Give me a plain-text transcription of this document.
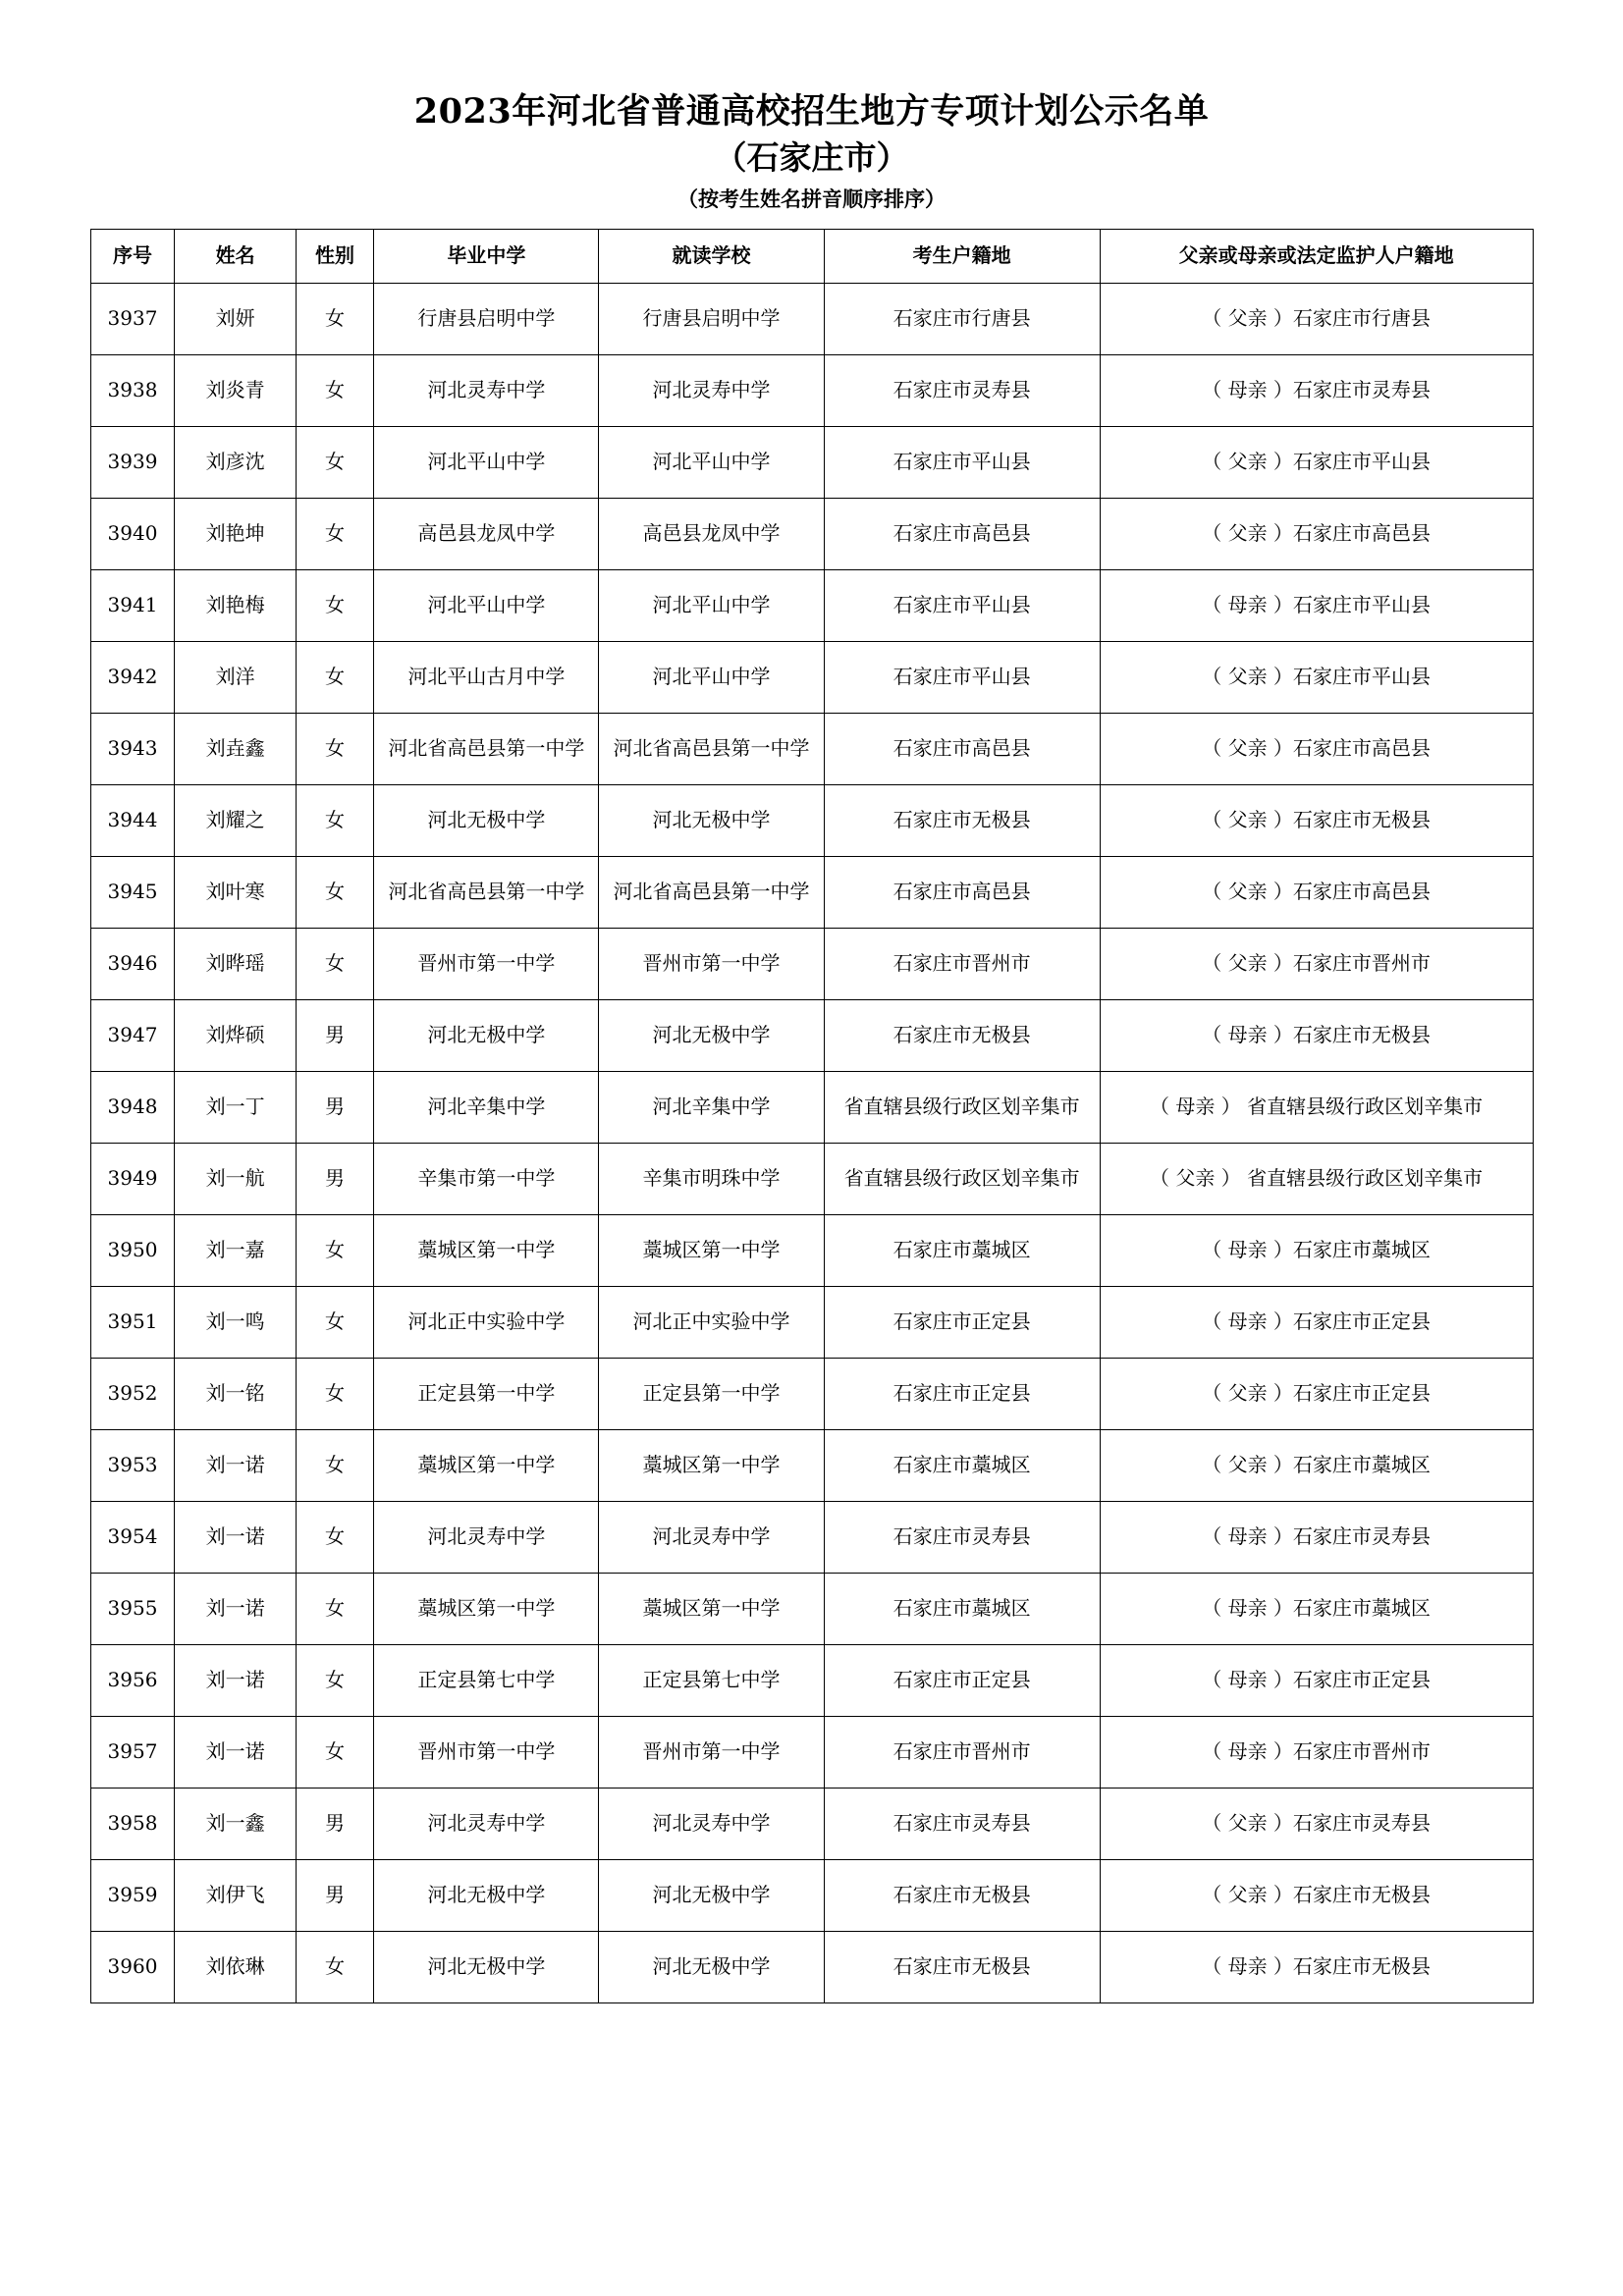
2023年河北省普通高校招生地方专项计划公示名单
（石家庄市）
（按考生姓名拼音顺序排序）
序号	姓名	性别	毕业中学	就读学校	考生户籍地	父亲或母亲或法定监护人户籍地
3937	刘妍	女	行唐县启明中学	行唐县启明中学	石家庄市行唐县	（ 父亲 ）石家庄市行唐县
3938	刘炎青	女	河北灵寿中学	河北灵寿中学	石家庄市灵寿县	（ 母亲 ）石家庄市灵寿县
3939	刘彦沈	女	河北平山中学	河北平山中学	石家庄市平山县	（ 父亲 ）石家庄市平山县
3940	刘艳坤	女	高邑县龙凤中学	高邑县龙凤中学	石家庄市高邑县	（ 父亲 ）石家庄市高邑县
3941	刘艳梅	女	河北平山中学	河北平山中学	石家庄市平山县	（ 母亲 ）石家庄市平山县
3942	刘洋	女	河北平山古月中学	河北平山中学	石家庄市平山县	（ 父亲 ）石家庄市平山县
3943	刘垚鑫	女	河北省高邑县第一中学	河北省高邑县第一中学	石家庄市高邑县	（ 父亲 ）石家庄市高邑县
3944	刘耀之	女	河北无极中学	河北无极中学	石家庄市无极县	（ 父亲 ）石家庄市无极县
3945	刘叶寒	女	河北省高邑县第一中学	河北省高邑县第一中学	石家庄市高邑县	（ 父亲 ）石家庄市高邑县
3946	刘晔瑶	女	晋州市第一中学	晋州市第一中学	石家庄市晋州市	（ 父亲 ）石家庄市晋州市
3947	刘烨硕	男	河北无极中学	河北无极中学	石家庄市无极县	（ 母亲 ）石家庄市无极县
3948	刘一丁	男	河北辛集中学	河北辛集中学	省直辖县级行政区划辛集市	（ 母亲 ） 省直辖县级行政区划辛集市
3949	刘一航	男	辛集市第一中学	辛集市明珠中学	省直辖县级行政区划辛集市	（ 父亲 ） 省直辖县级行政区划辛集市
3950	刘一嘉	女	藁城区第一中学	藁城区第一中学	石家庄市藁城区	（ 母亲 ）石家庄市藁城区
3951	刘一鸣	女	河北正中实验中学	河北正中实验中学	石家庄市正定县	（ 母亲 ）石家庄市正定县
3952	刘一铭	女	正定县第一中学	正定县第一中学	石家庄市正定县	（ 父亲 ）石家庄市正定县
3953	刘一诺	女	藁城区第一中学	藁城区第一中学	石家庄市藁城区	（ 父亲 ）石家庄市藁城区
3954	刘一诺	女	河北灵寿中学	河北灵寿中学	石家庄市灵寿县	（ 母亲 ）石家庄市灵寿县
3955	刘一诺	女	藁城区第一中学	藁城区第一中学	石家庄市藁城区	（ 母亲 ）石家庄市藁城区
3956	刘一诺	女	正定县第七中学	正定县第七中学	石家庄市正定县	（ 母亲 ）石家庄市正定县
3957	刘一诺	女	晋州市第一中学	晋州市第一中学	石家庄市晋州市	（ 母亲 ）石家庄市晋州市
3958	刘一鑫	男	河北灵寿中学	河北灵寿中学	石家庄市灵寿县	（ 父亲 ）石家庄市灵寿县
3959	刘伊飞	男	河北无极中学	河北无极中学	石家庄市无极县	（ 父亲 ）石家庄市无极县
3960	刘依琳	女	河北无极中学	河北无极中学	石家庄市无极县	（ 母亲 ）石家庄市无极县
